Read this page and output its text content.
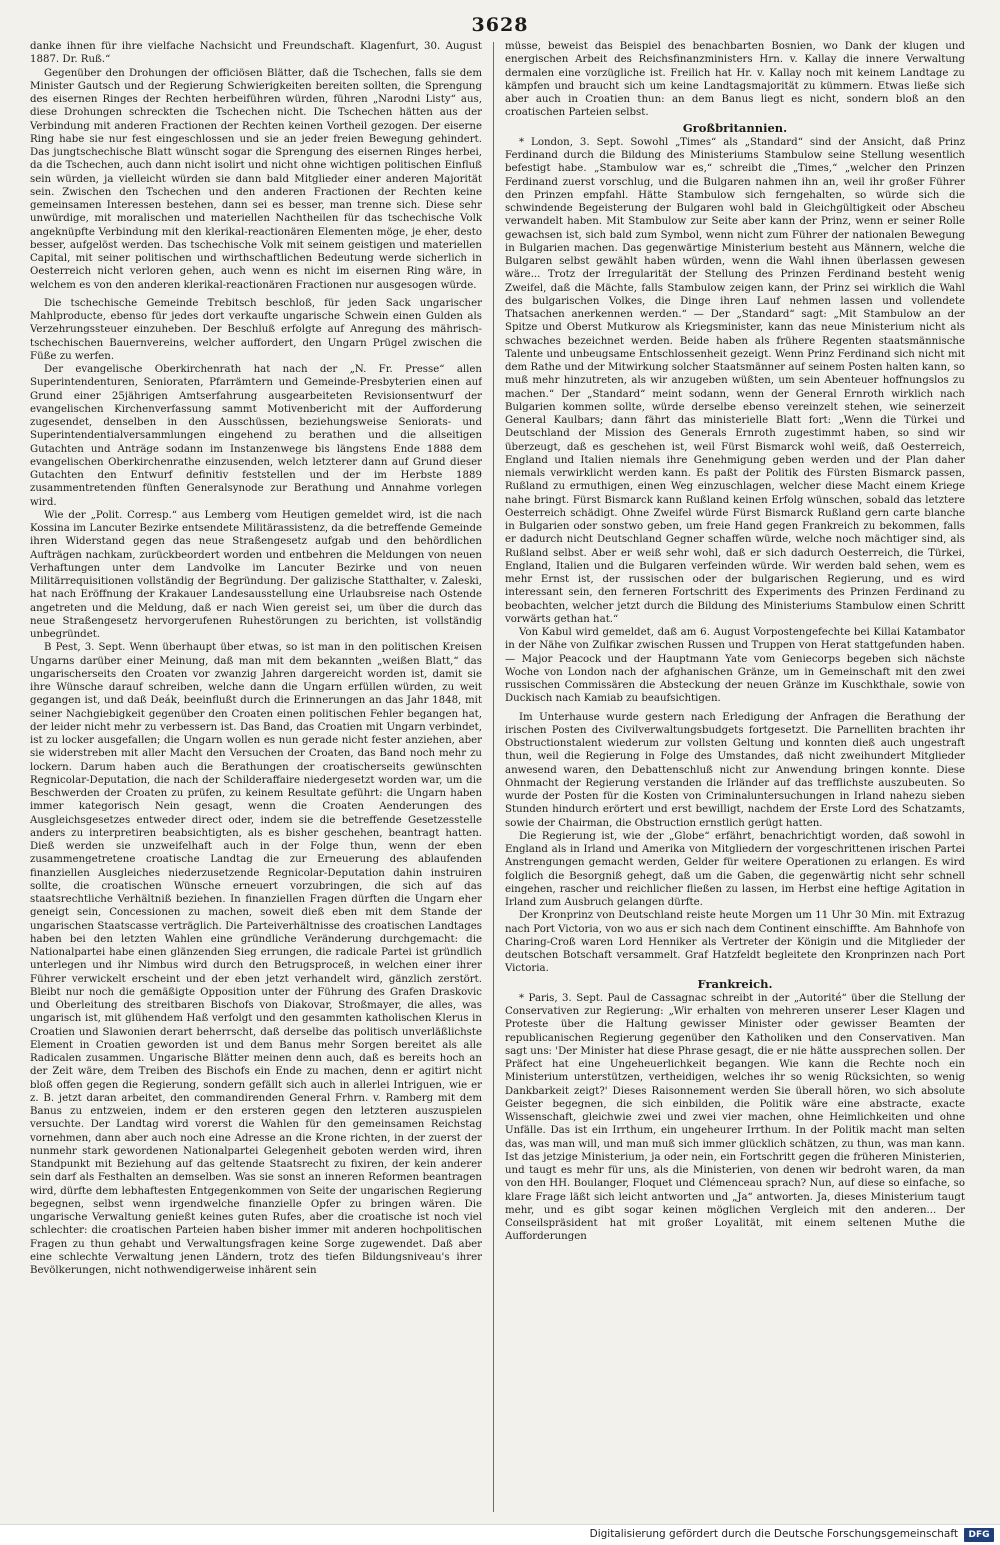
3628

danke ihnen für ihre vielfache Nachsicht und Freundschaft. Klagenfurt, 30. August 1887. Dr. Ruß.“

Gegenüber den Drohungen der officiösen Blätter, daß die Tschechen, falls sie dem Minister Gautsch und der Regierung Schwierigkeiten bereiten sollten, die Sprengung des eisernen Ringes der Rechten herbeiführen würden, führen „Narodni Listy“ aus, diese Drohungen schreckten die Tschechen nicht. Die Tschechen hätten aus der Verbindung mit anderen Fractionen der Rechten keinen Vortheil gezogen. Der eiserne Ring habe sie nur fest eingeschlossen und sie an jeder freien Bewegung gehindert. Das jungtschechische Blatt wünscht sogar die Sprengung des eisernen Ringes herbei, da die Tschechen, auch dann nicht isolirt und nicht ohne wichtigen politischen Einfluß sein würden, ja vielleicht würden sie dann bald Mitglieder einer anderen Majorität sein. Zwischen den Tschechen und den anderen Fractionen der Rechten keine gemeinsamen Interessen bestehen, dann sei es besser, man trenne sich. Diese sehr unwürdige, mit moralischen und materiellen Nachtheilen für das tschechische Volk angeknüpfte Verbindung mit den klerikal-reactionären Elementen möge, je eher, desto besser, aufgelöst werden. Das tschechische Volk mit seinem geistigen und materiellen Capital, mit seiner politischen und wirthschaftlichen Bedeutung werde sicherlich in Oesterreich nicht verloren gehen, auch wenn es nicht im eisernen Ring wäre, in welchem es von den anderen klerikal-reactionären Fractionen nur ausgesogen würde.

Die tschechische Gemeinde Trebitsch beschloß, für jeden Sack ungarischer Mahlproducte, ebenso für jedes dort verkaufte ungarische Schwein einen Gulden als Verzehrungssteuer einzuheben. Der Beschluß erfolgte auf Anregung des mährisch-tschechischen Bauernvereins, welcher auffordert, den Ungarn Prügel zwischen die Füße zu werfen.

Der evangelische Oberkirchenrath hat nach der „N. Fr. Presse“ allen Superintendenturen, Senioraten, Pfarrämtern und Gemeinde-Presbyterien einen auf Grund einer 25jährigen Amtserfahrung ausgearbeiteten Revisionsentwurf der evangelischen Kirchenverfassung sammt Motivenbericht mit der Aufforderung zugesendet, denselben in den Ausschüssen, beziehungsweise Seniorats- und Superintendentialversammlungen eingehend zu berathen und die allseitigen Gutachten und Anträge sodann im Instanzenwege bis längstens Ende 1888 dem evangelischen Oberkirchenrathe einzusenden, welch letzterer dann auf Grund dieser Gutachten den Entwurf definitiv feststellen und der im Herbste 1889 zusammentretenden fünften Generalsynode zur Berathung und Annahme vorlegen wird.

Wie der „Polit. Corresp.“ aus Lemberg vom Heutigen gemeldet wird, ist die nach Kossina im Lancuter Bezirke entsendete Militärassistenz, da die betreffende Gemeinde ihren Widerstand gegen das neue Straßengesetz aufgab und den behördlichen Aufträgen nachkam, zurückbeordert worden und entbehren die Meldungen von neuen Verhaftungen unter dem Landvolke im Lancuter Bezirke und von neuen Militärrequisitionen vollständig der Begründung. Der galizische Statthalter, v. Zaleski, hat nach Eröffnung der Krakauer Landesausstellung eine Urlaubsreise nach Ostende angetreten und die Meldung, daß er nach Wien gereist sei, um über die durch das neue Straßengesetz hervorgerufenen Ruhestörungen zu berichten, ist vollständig unbegründet.

B Pest, 3. Sept. Wenn überhaupt über etwas, so ist man in den politischen Kreisen Ungarns darüber einer Meinung, daß man mit dem bekannten „weißen Blatt,“ das ungarischerseits den Croaten vor zwanzig Jahren dargereicht worden ist, damit sie ihre Wünsche darauf schreiben, welche dann die Ungarn erfüllen würden, zu weit gegangen ist, und daß Deák, beeinflußt durch die Erinnerungen an das Jahr 1848, mit seiner Nachgiebigkeit gegenüber den Croaten einen politischen Fehler begangen hat, der leider nicht mehr zu verbessern ist. Das Band, das Croatien mit Ungarn verbindet, ist zu locker ausgefallen; die Ungarn wollen es nun gerade nicht fester anziehen, aber sie widerstreben mit aller Macht den Versuchen der Croaten, das Band noch mehr zu lockern. Darum haben auch die Berathungen der croatischerseits gewünschten Regnicolar-Deputation, die nach der Schilderaffaire niedergesetzt worden war, um die Beschwerden der Croaten zu prüfen, zu keinem Resultate geführt: die Ungarn haben immer kategorisch Nein gesagt, wenn die Croaten Aenderungen des Ausgleichsgesetzes entweder direct oder, indem sie die betreffende Gesetzesstelle anders zu interpretiren beabsichtigten, als es bisher geschehen, beantragt hatten. Dieß werden sie unzweifelhaft auch in der Folge thun, wenn der eben zusammengetretene croatische Landtag die zur Erneuerung des ablaufenden finanziellen Ausgleiches niederzusetzende Regnicolar-Deputation dahin instruiren sollte, die croatischen Wünsche erneuert vorzubringen, die sich auf das staatsrechtliche Verhältniß beziehen. In finanziellen Fragen dürften die Ungarn eher geneigt sein, Concessionen zu machen, soweit dieß eben mit dem Stande der ungarischen Staatscasse verträglich. Die Parteiverhältnisse des croatischen Landtages haben bei den letzten Wahlen eine gründliche Veränderung durchgemacht: die Nationalpartei habe einen glänzenden Sieg errungen, die radicale Partei ist gründlich unterlegen und ihr Nimbus wird durch den Betrugsproceß, in welchen einer ihrer Führer verwickelt erscheint und der eben jetzt verhandelt wird, gänzlich zerstört. Bleibt nur noch die gemäßigte Opposition unter der Führung des Grafen Draskovic und Oberleitung des streitbaren Bischofs von Diakovar, Stroßmayer, die alles, was ungarisch ist, mit glühendem Haß verfolgt und den gesammten katholischen Klerus in Croatien und Slawonien derart beherrscht, daß derselbe das politisch unverläßlichste Element in Croatien geworden ist und dem Banus mehr Sorgen bereitet als alle Radicalen zusammen. Ungarische Blätter meinen denn auch, daß es bereits hoch an der Zeit wäre, dem Treiben des Bischofs ein Ende zu machen, denn er agitirt nicht bloß offen gegen die Regierung, sondern gefällt sich auch in allerlei Intriguen, wie er z. B. jetzt daran arbeitet, den commandirenden General Frhrn. v. Ramberg mit dem Banus zu entzweien, indem er den ersteren gegen den letzteren auszuspielen versuchte. Der Landtag wird vorerst die Wahlen für den gemeinsamen Reichstag vornehmen, dann aber auch noch eine Adresse an die Krone richten, in der zuerst der nunmehr stark gewordenen Nationalpartei Gelegenheit geboten werden wird, ihren Standpunkt mit Beziehung auf das geltende Staatsrecht zu fixiren, der kein anderer sein darf als Festhalten an demselben. Was sie sonst an inneren Reformen beantragen wird, dürfte dem lebhaftesten Entgegenkommen von Seite der ungarischen Regierung begegnen, selbst wenn irgendwelche finanzielle Opfer zu bringen wären. Die ungarische Verwaltung genießt keines guten Rufes, aber die croatische ist noch viel schlechter: die croatischen Parteien haben bisher immer mit anderen hochpolitischen Fragen zu thun gehabt und Verwaltungsfragen keine Sorge zugewendet. Daß aber eine schlechte Verwaltung jenen Ländern, trotz des tiefen Bildungsniveau's ihrer Bevölkerungen, nicht nothwendigerweise inhärent sein

müsse, beweist das Beispiel des benachbarten Bosnien, wo Dank der klugen und energischen Arbeit des Reichsfinanzministers Hrn. v. Kallay die innere Verwaltung dermalen eine vorzügliche ist. Freilich hat Hr. v. Kallay noch mit keinem Landtage zu kämpfen und braucht sich um keine Landtagsmajorität zu kümmern. Etwas ließe sich aber auch in Croatien thun: an dem Banus liegt es nicht, sondern bloß an den croatischen Parteien selbst.

Großbritannien.

* London, 3. Sept. Sowohl „Times“ als „Standard“ sind der Ansicht, daß Prinz Ferdinand durch die Bildung des Ministeriums Stambulow seine Stellung wesentlich befestigt habe. „Stambulow war es,“ schreibt die „Times,“ „welcher den Prinzen Ferdinand zuerst vorschlug, und die Bulgaren nahmen ihn an, weil ihr großer Führer den Prinzen empfahl. Hätte Stambulow sich ferngehalten, so würde sich die schwindende Begeisterung der Bulgaren wohl bald in Gleichgültigkeit oder Abscheu verwandelt haben. Mit Stambulow zur Seite aber kann der Prinz, wenn er seiner Rolle gewachsen ist, sich bald zum Symbol, wenn nicht zum Führer der nationalen Bewegung in Bulgarien machen. Das gegenwärtige Ministerium besteht aus Männern, welche die Bulgaren selbst gewählt haben würden, wenn die Wahl ihnen überlassen gewesen wäre... Trotz der Irregularität der Stellung des Prinzen Ferdinand besteht wenig Zweifel, daß die Mächte, falls Stambulow zeigen kann, der Prinz sei wirklich die Wahl des bulgarischen Volkes, die Dinge ihren Lauf nehmen lassen und vollendete Thatsachen anerkennen werden.“ — Der „Standard“ sagt: „Mit Stambulow an der Spitze und Oberst Mutkurow als Kriegsminister, kann das neue Ministerium nicht als schwaches bezeichnet werden. Beide haben als frühere Regenten staatsmännische Talente und unbeugsame Entschlossenheit gezeigt. Wenn Prinz Ferdinand sich nicht mit dem Rathe und der Mitwirkung solcher Staatsmänner auf seinem Posten halten kann, so muß mehr hinzutreten, als wir anzugeben wüßten, um sein Abenteuer hoffnungslos zu machen.“ Der „Standard“ meint sodann, wenn der General Ernroth wirklich nach Bulgarien kommen sollte, würde derselbe ebenso vereinzelt stehen, wie seinerzeit General Kaulbars; dann fährt das ministerielle Blatt fort: „Wenn die Türkei und Deutschland der Mission des Generals Ernroth zugestimmt haben, so sind wir überzeugt, daß es geschehen ist, weil Fürst Bismarck wohl weiß, daß Oesterreich, England und Italien niemals ihre Genehmigung geben werden und der Plan daher niemals verwirklicht werden kann. Es paßt der Politik des Fürsten Bismarck passen, Rußland zu ermuthigen, einen Weg einzuschlagen, welcher diese Macht einem Kriege nahe bringt. Fürst Bismarck kann Rußland keinen Erfolg wünschen, sobald das letztere Oesterreich schädigt. Ohne Zweifel würde Fürst Bismarck Rußland gern carte blanche in Bulgarien oder sonstwo geben, um freie Hand gegen Frankreich zu bekommen, falls er dadurch nicht Deutschland Gegner schaffen würde, welche noch mächtiger sind, als Rußland selbst. Aber er weiß sehr wohl, daß er sich dadurch Oesterreich, die Türkei, England, Italien und die Bulgaren verfeinden würde. Wir werden bald sehen, wem es mehr Ernst ist, der russischen oder der bulgarischen Regierung, und es wird interessant sein, den ferneren Fortschritt des Experiments des Prinzen Ferdinand zu beobachten, welcher jetzt durch die Bildung des Ministeriums Stambulow einen Schritt vorwärts gethan hat.“

Von Kabul wird gemeldet, daß am 6. August Vorpostengefechte bei Killai Katambator in der Nähe von Zulfikar zwischen Russen und Truppen von Herat stattgefunden haben. — Major Peacock und der Hauptmann Yate vom Geniecorps begeben sich nächste Woche von London nach der afghanischen Gränze, um in Gemeinschaft mit den zwei russischen Commissären die Absteckung der neuen Gränze im Kuschkthale, sowie von Duckisch nach Kamiab zu beaufsichtigen.

Im Unterhause wurde gestern nach Erledigung der Anfragen die Berathung der irischen Posten des Civilverwaltungsbudgets fortgesetzt. Die Parnelliten brachten ihr Obstructionstalent wiederum zur vollsten Geltung und konnten dieß auch ungestraft thun, weil die Regierung in Folge des Umstandes, daß nicht zweihundert Mitglieder anwesend waren, den Debattenschluß nicht zur Anwendung bringen konnte. Diese Ohnmacht der Regierung verstanden die Irländer auf das trefflichste auszubeuten. So wurde der Posten für die Kosten von Criminaluntersuchungen in Irland nahezu sieben Stunden hindurch erörtert und erst bewilligt, nachdem der Erste Lord des Schatzamts, sowie der Chairman, die Obstruction ernstlich gerügt hatten.

Die Regierung ist, wie der „Globe“ erfährt, benachrichtigt worden, daß sowohl in England als in Irland und Amerika von Mitgliedern der vorgeschrittenen irischen Partei Anstrengungen gemacht werden, Gelder für weitere Operationen zu erlangen. Es wird folglich die Besorgniß gehegt, daß um die Gaben, die gegenwärtig nicht sehr schnell eingehen, rascher und reichlicher fließen zu lassen, im Herbst eine heftige Agitation in Irland zum Ausbruch gelangen dürfte.

Der Kronprinz von Deutschland reiste heute Morgen um 11 Uhr 30 Min. mit Extrazug nach Port Victoria, von wo aus er sich nach dem Continent einschiffte. Am Bahnhofe von Charing-Croß waren Lord Henniker als Vertreter der Königin und die Mitglieder der deutschen Botschaft versammelt. Graf Hatzfeldt begleitete den Kronprinzen nach Port Victoria.

Frankreich.

* Paris, 3. Sept. Paul de Cassagnac schreibt in der „Autorité“ über die Stellung der Conservativen zur Regierung: „Wir erhalten von mehreren unserer Leser Klagen und Proteste über die Haltung gewisser Minister oder gewisser Beamten der republicanischen Regierung gegenüber den Katholiken und den Conservativen. Man sagt uns: 'Der Minister hat diese Phrase gesagt, die er nie hätte aussprechen sollen. Der Präfect hat eine Ungeheuerlichkeit begangen. Wie kann die Rechte noch ein Ministerium unterstützen, vertheidigen, welches ihr so wenig Rücksichten, so wenig Dankbarkeit zeigt?' Dieses Raisonnement werden Sie überall hören, wo sich absolute Geister begegnen, die sich einbilden, die Politik wäre eine abstracte, exacte Wissenschaft, gleichwie zwei und zwei vier machen, ohne Heimlichkeiten und ohne Unfälle. Das ist ein Irrthum, ein ungeheurer Irrthum. In der Politik macht man selten das, was man will, und man muß sich immer glücklich schätzen, zu thun, was man kann. Ist das jetzige Ministerium, ja oder nein, ein Fortschritt gegen die früheren Ministerien, und taugt es mehr für uns, als die Ministerien, von denen wir bedroht waren, da man von den HH. Boulanger, Floquet und Clémenceau sprach? Nun, auf diese so einfache, so klare Frage läßt sich leicht antworten und „Ja“ antworten. Ja, dieses Ministerium taugt mehr, und es gibt sogar keinen möglichen Vergleich mit den anderen... Der Conseilspräsident hat mit großer Loyalität, mit einem seltenen Muthe die Aufforderungen

Digitalisierung gefördert durch die Deutsche Forschungsgemeinschaft	DFG
